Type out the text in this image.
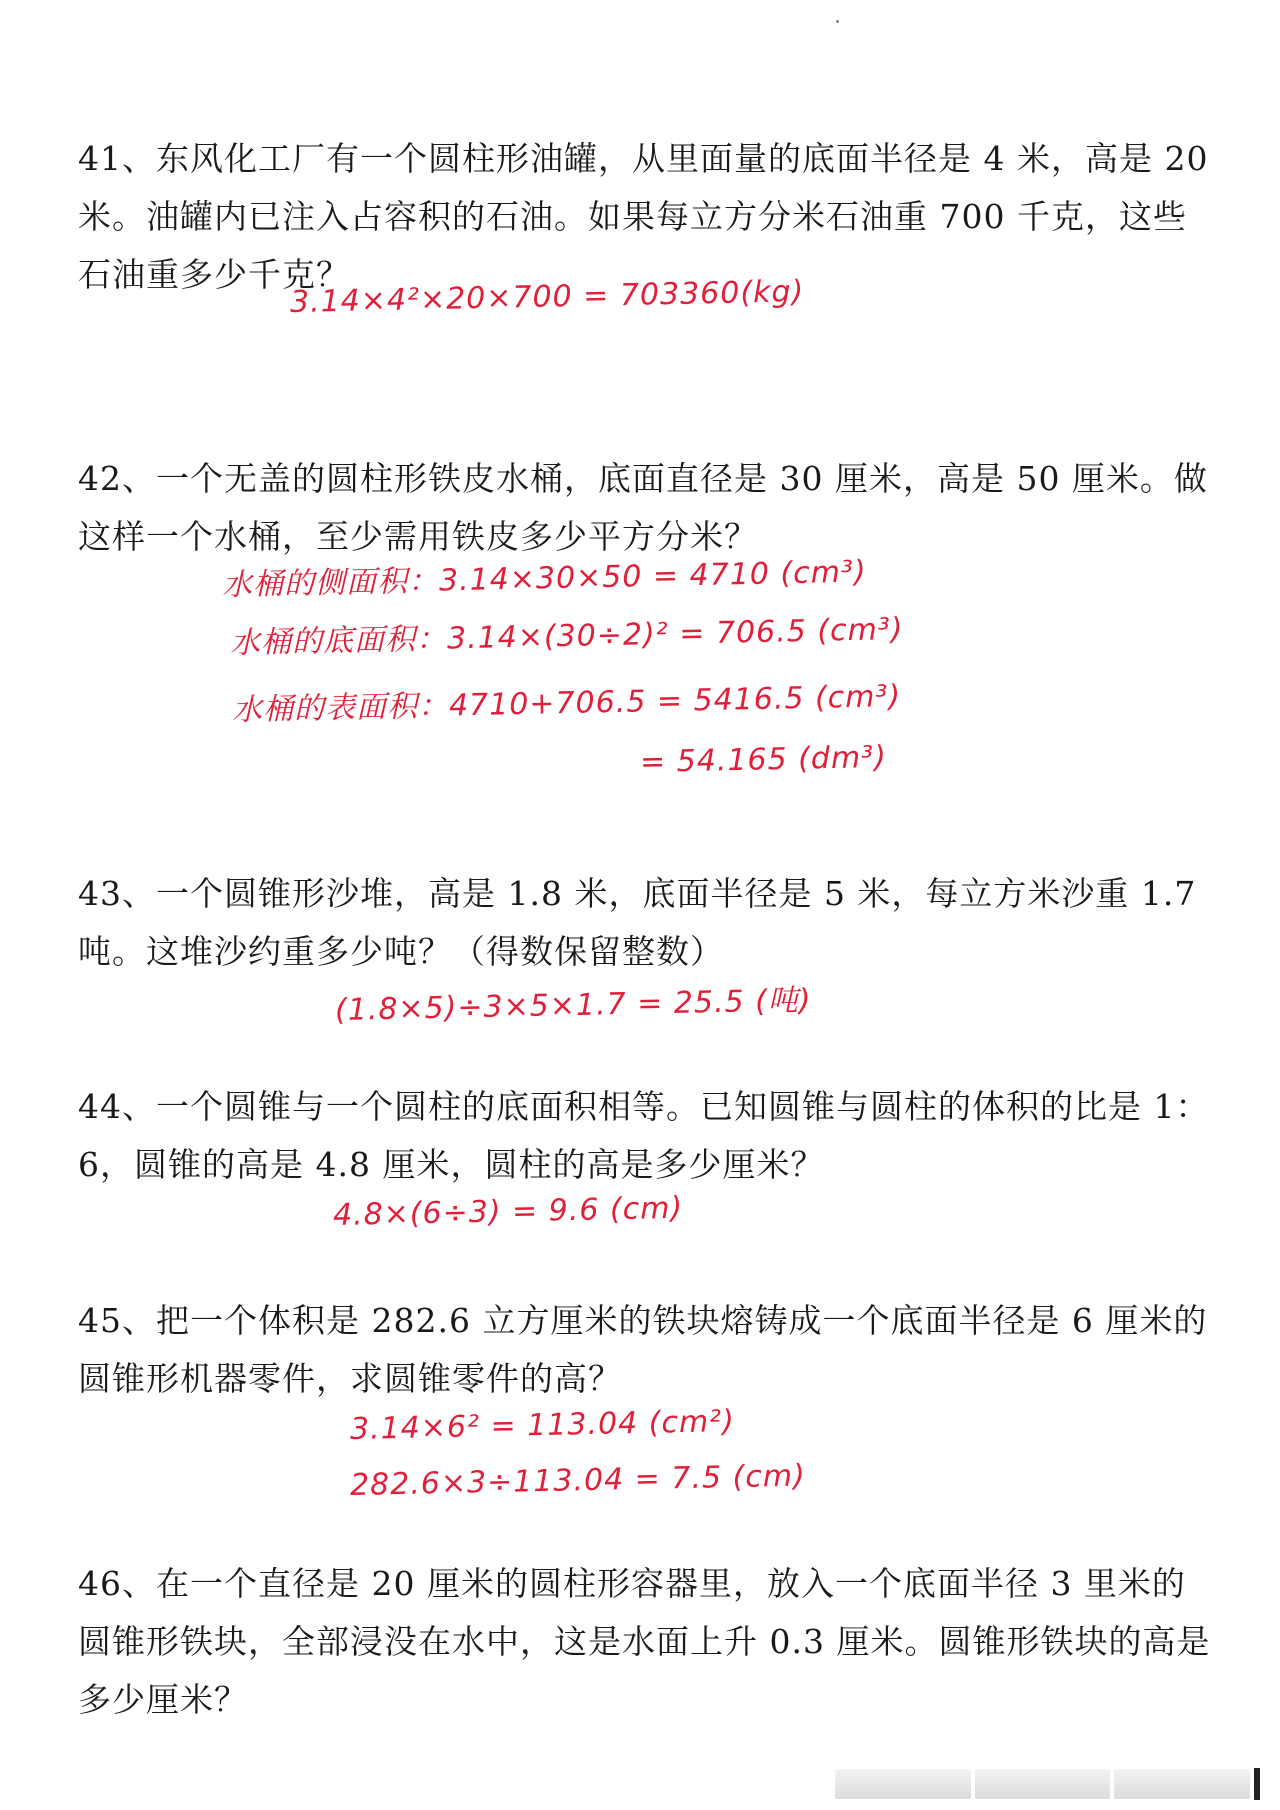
41、东风化工厂有一个圆柱形油罐，从里面量的底面半径是 4 米，高是 20 米。油罐内已注入占容积的石油。如果每立方分米石油重 700 千克，这些石油重多少千克？

3.14×4²×20×700 = 703360(kg)

42、一个无盖的圆柱形铁皮水桶，底面直径是 30 厘米，高是 50 厘米。做这样一个水桶，至少需用铁皮多少平方分米？

水桶的侧面积：3.14×30×50 = 4710 (cm³)
水桶的底面积：3.14×(30÷2)² = 706.5 (cm³)
水桶的表面积：4710+706.5 = 5416.5 (cm³)
= 54.165 (dm³)

43、一个圆锥形沙堆，高是 1.8 米，底面半径是 5 米，每立方米沙重 1.7 吨。这堆沙约重多少吨？（得数保留整数）

(1.8×5)÷3×5×1.7 = 25.5 (吨)

44、一个圆锥与一个圆柱的底面积相等。已知圆锥与圆柱的体积的比是 1：6，圆锥的高是 4.8 厘米，圆柱的高是多少厘米？

4.8×(6÷3) = 9.6 (cm)

45、把一个体积是 282.6 立方厘米的铁块熔铸成一个底面半径是 6 厘米的圆锥形机器零件，求圆锥零件的高？

3.14×6² = 113.04 (cm²)
282.6×3÷113.04 = 7.5 (cm)

46、在一个直径是 20 厘米的圆柱形容器里，放入一个底面半径 3 里米的圆锥形铁块，全部浸没在水中，这是水面上升 0.3 厘米。圆锥形铁块的高是多少厘米？
